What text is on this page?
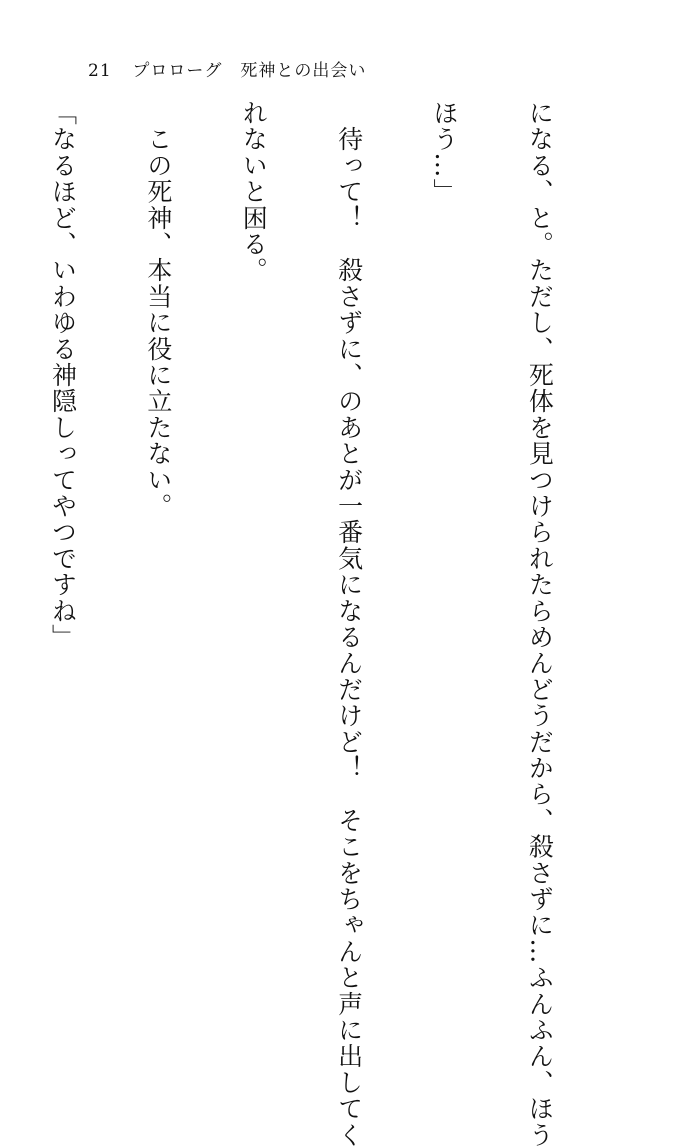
21 プロローグ　死神との出会い

になる、と。ただし、死体を見つけられたらめんどうだから、殺さずに…ふんふん、ほう

ほう…」

　待って！　殺さずに、のあとが一番気になるんだけど！　そこをちゃんと声に出してく

れないと困る。

　この死神、本当に役に立たない。

「なるほど、いわゆる神隠しってやつですね」
